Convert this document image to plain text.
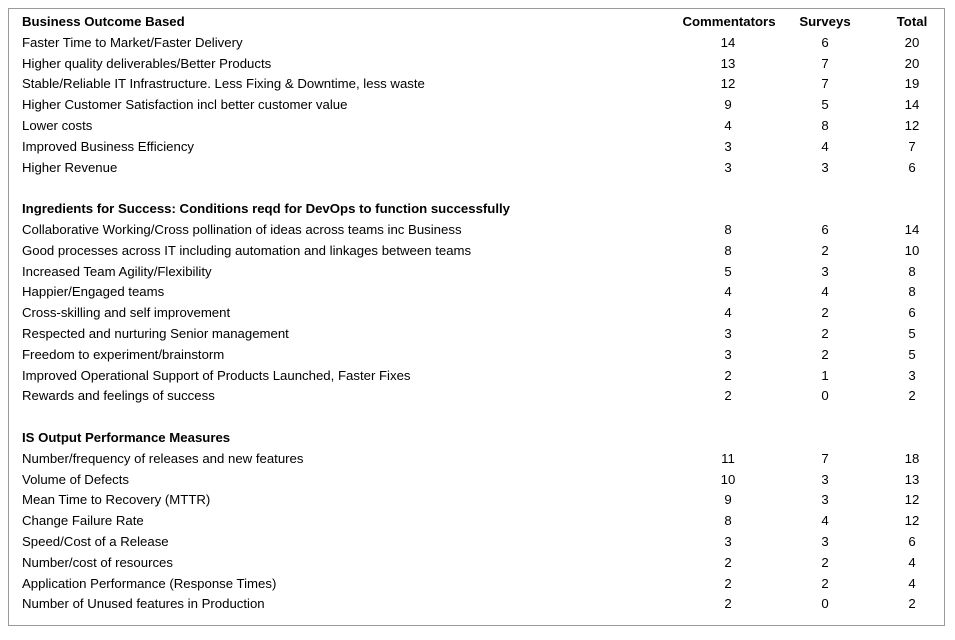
Business Outcome Based	Commentators	Surveys	Total
Faster Time to Market/Faster Delivery	14	6	20
Higher quality deliverables/Better Products	13	7	20
Stable/Reliable IT Infrastructure. Less Fixing & Downtime, less waste	12	7	19
Higher Customer Satisfaction incl better customer value	9	5	14
Lower costs	4	8	12
Improved Business Efficiency	3	4	7
Higher Revenue	3	3	6
Ingredients for Success: Conditions reqd for DevOps to function successfully
Collaborative Working/Cross pollination of ideas across teams inc Business	8	6	14
Good processes across IT including automation and linkages between teams	8	2	10
Increased Team Agility/Flexibility	5	3	8
Happier/Engaged teams	4	4	8
Cross-skilling and self improvement	4	2	6
Respected and nurturing Senior management	3	2	5
Freedom to experiment/brainstorm	3	2	5
Improved Operational Support of Products Launched, Faster Fixes	2	1	3
Rewards and feelings of success	2	0	2
IS Output Performance Measures
Number/frequency of releases and new features	11	7	18
Volume of Defects	10	3	13
Mean Time to Recovery (MTTR)	9	3	12
Change Failure Rate	8	4	12
Speed/Cost of a Release	3	3	6
Number/cost of resources	2	2	4
Application Performance (Response Times)	2	2	4
Number of Unused features in Production	2	0	2
